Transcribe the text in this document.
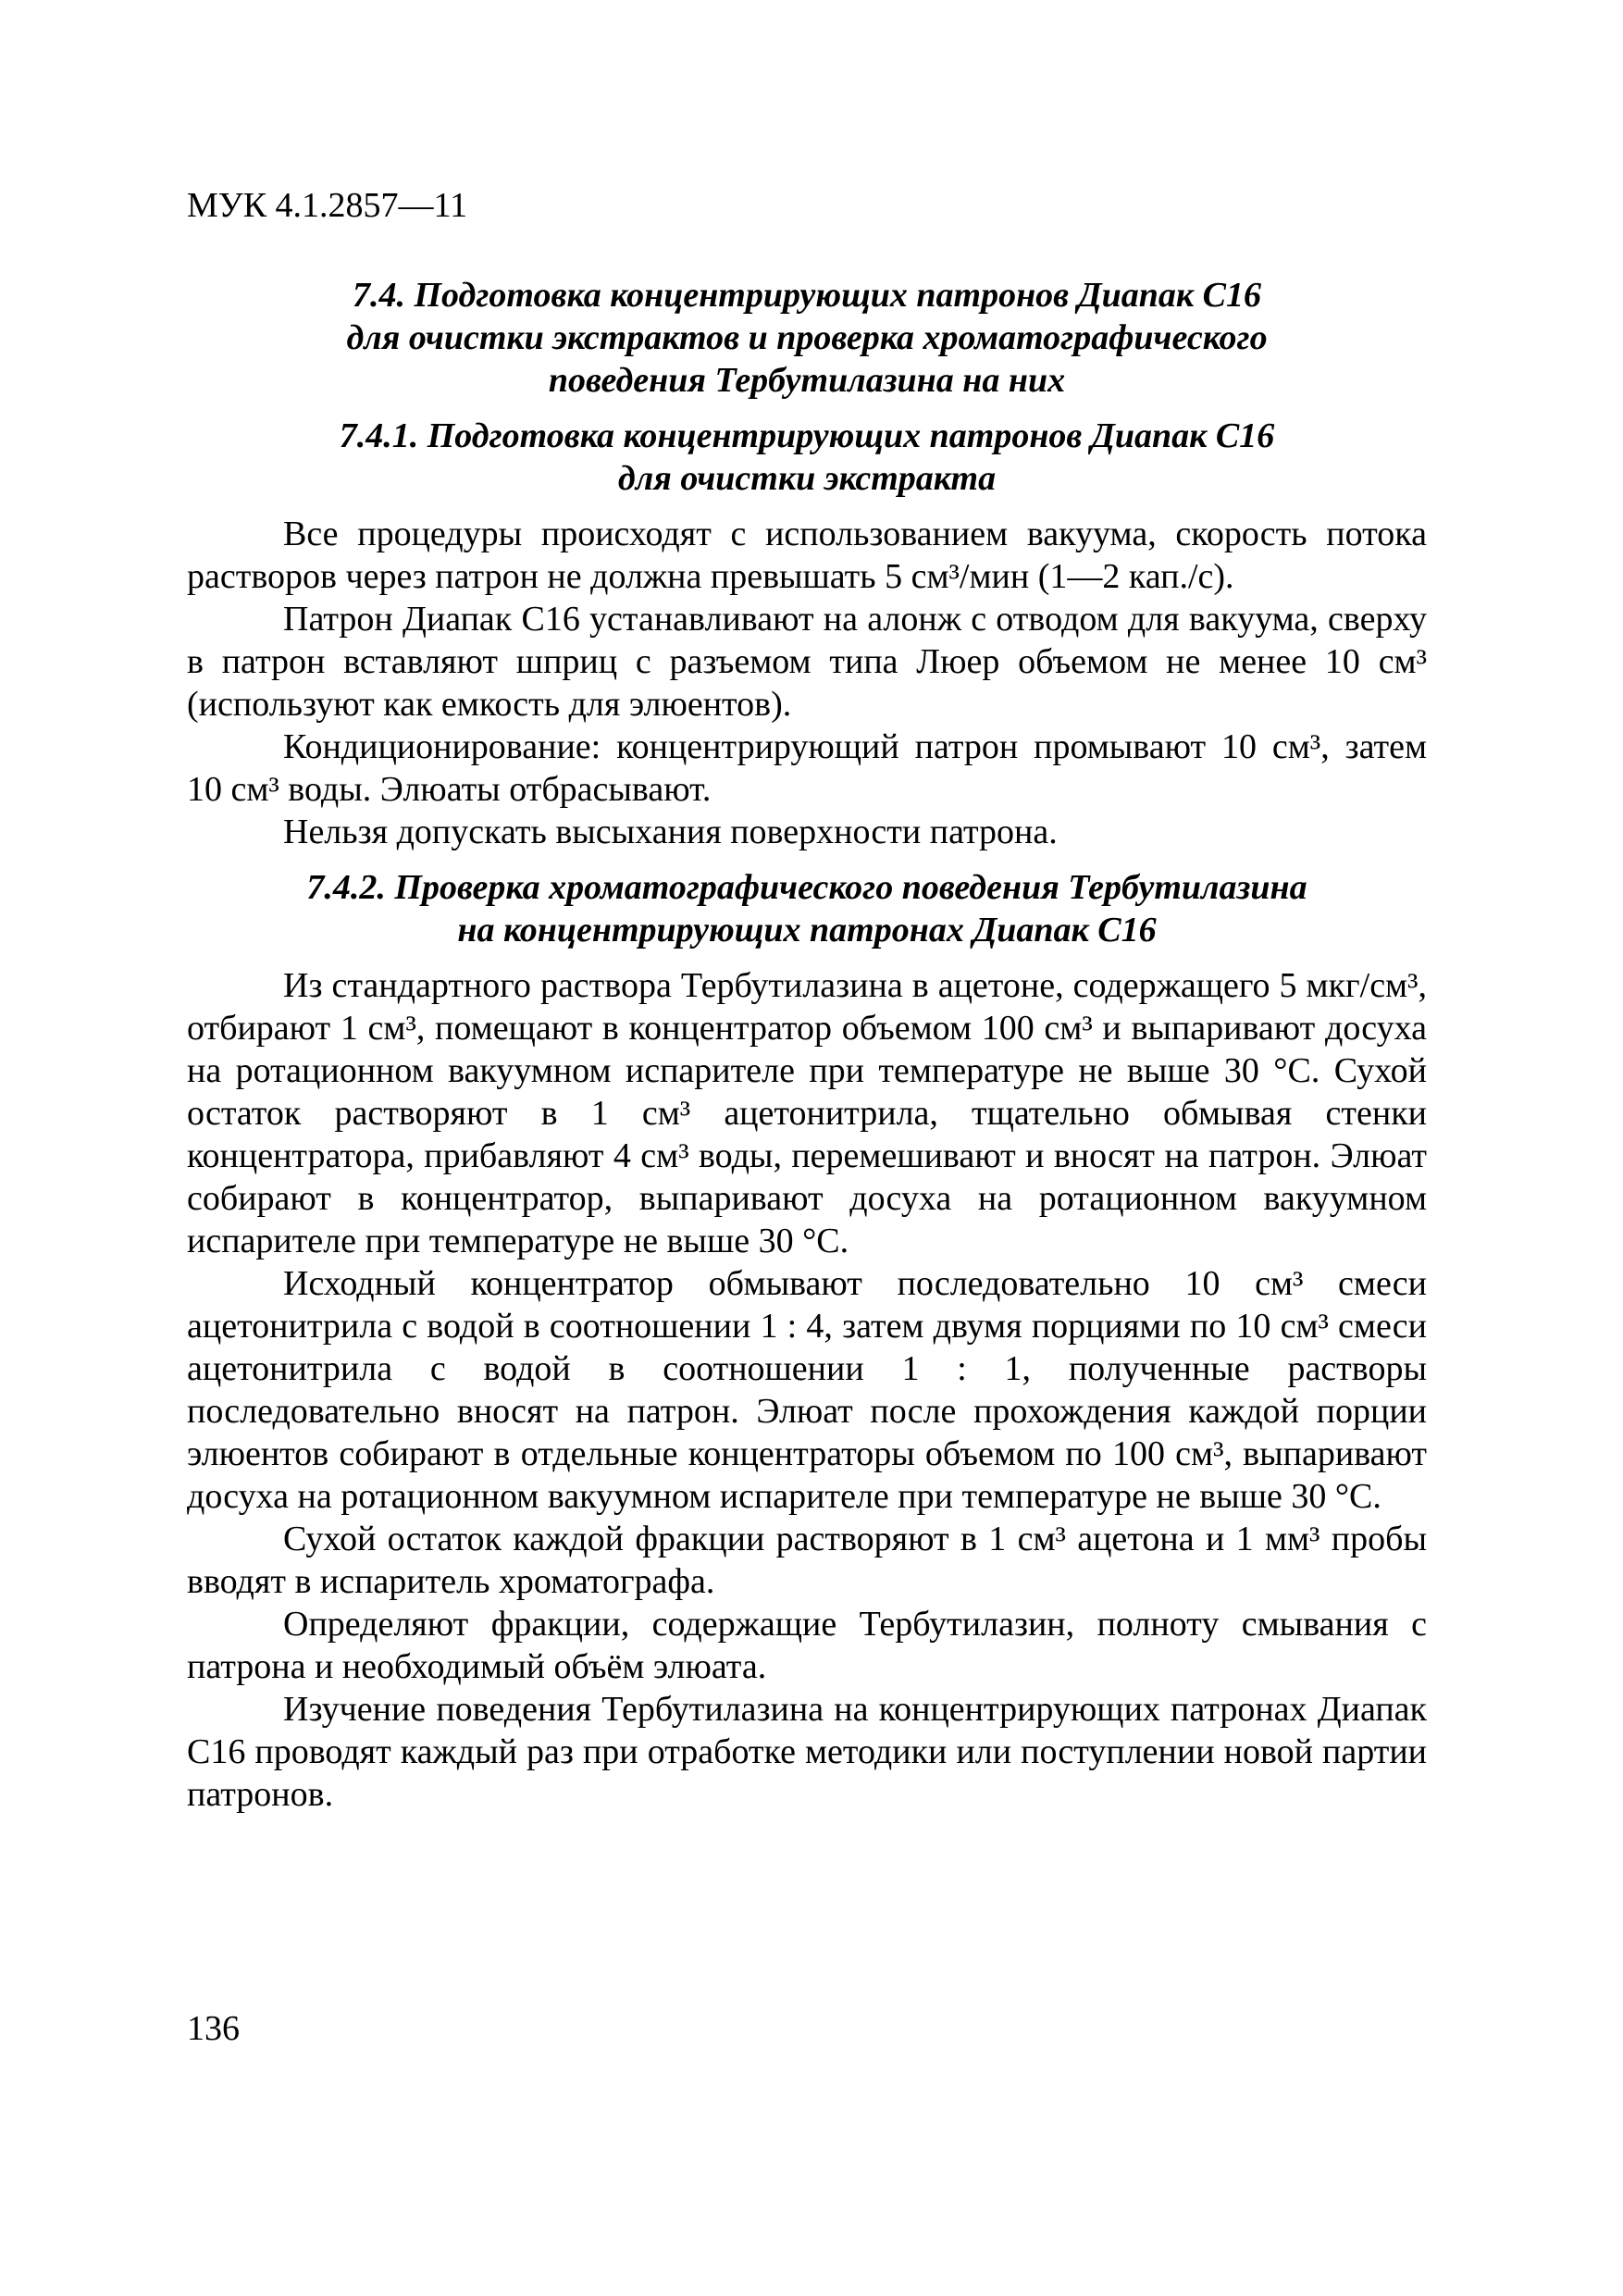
МУК 4.1.2857—11

7.4. Подготовка концентрирующих патронов Диапак С16
для очистки экстрактов и проверка хроматографического
поведения Тербутилазина на них
7.4.1. Подготовка концентрирующих патронов Диапак С16
для очистки экстракта

Все процедуры происходят с использованием вакуума, скорость потока растворов через патрон не должна превышать 5 см³/мин (1—2 кап./с).

Патрон Диапак С16 устанавливают на алонж с отводом для вакуума, сверху в патрон вставляют шприц с разъемом типа Люер объемом не менее 10 см³ (используют как емкость для элюентов).

Кондиционирование: концентрирующий патрон промывают 10 см³, затем 10 см³ воды. Элюаты отбрасывают.

Нельзя допускать высыхания поверхности патрона.

7.4.2. Проверка хроматографического поведения Тербутилазина
на концентрирующих патронах Диапак С16

Из стандартного раствора Тербутилазина в ацетоне, содержащего 5 мкг/см³, отбирают 1 см³, помещают в концентратор объемом 100 см³ и выпаривают досуха на ротационном вакуумном испарителе при температуре не выше 30 °С. Сухой остаток растворяют в 1 см³ ацетонитрила, тщательно обмывая стенки концентратора, прибавляют 4 см³ воды, перемешивают и вносят на патрон. Элюат собирают в концентратор, выпаривают досуха на ротационном вакуумном испарителе при температуре не выше 30 °С.

Исходный концентратор обмывают последовательно 10 см³ смеси ацетонитрила с водой в соотношении 1 : 4, затем двумя порциями по 10 см³ смеси ацетонитрила с водой в соотношении 1 : 1, полученные растворы последовательно вносят на патрон. Элюат после прохождения каждой порции элюентов собирают в отдельные концентраторы объемом по 100 см³, выпаривают досуха на ротационном вакуумном испарителе при температуре не выше 30 °С.

Сухой остаток каждой фракции растворяют в 1 см³ ацетона и 1 мм³ пробы вводят в испаритель хроматографа.

Определяют фракции, содержащие Тербутилазин, полноту смывания с патрона и необходимый объём элюата.

Изучение поведения Тербутилазина на концентрирующих патронах Диапак С16 проводят каждый раз при отработке методики или поступлении новой партии патронов.

136
